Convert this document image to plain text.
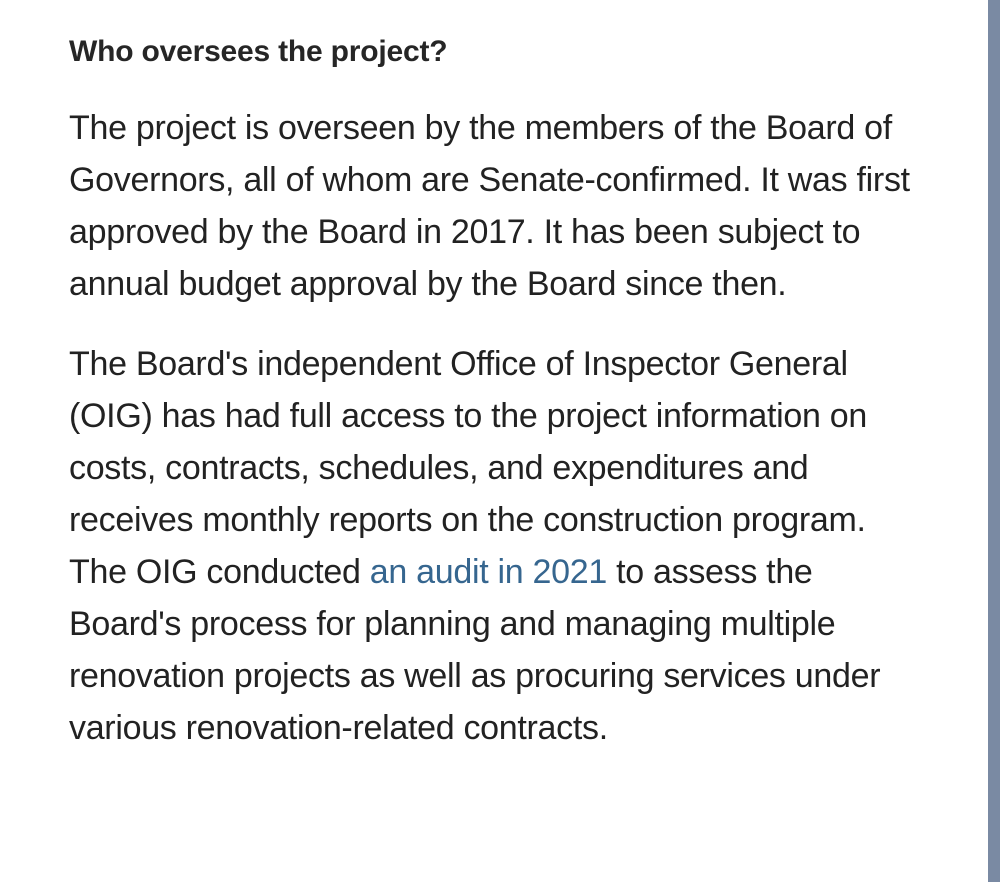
Who oversees the project?

The project is overseen by the members of the Board of Governors, all of whom are Senate-confirmed. It was first approved by the Board in 2017. It has been subject to annual budget approval by the Board since then.

The Board's independent Office of Inspector General (OIG) has had full access to the project information on costs, contracts, schedules, and expenditures and receives monthly reports on the construction program. The OIG conducted an audit in 2021 to assess the Board's process for planning and managing multiple renovation projects as well as procuring services under various renovation-related contracts.
